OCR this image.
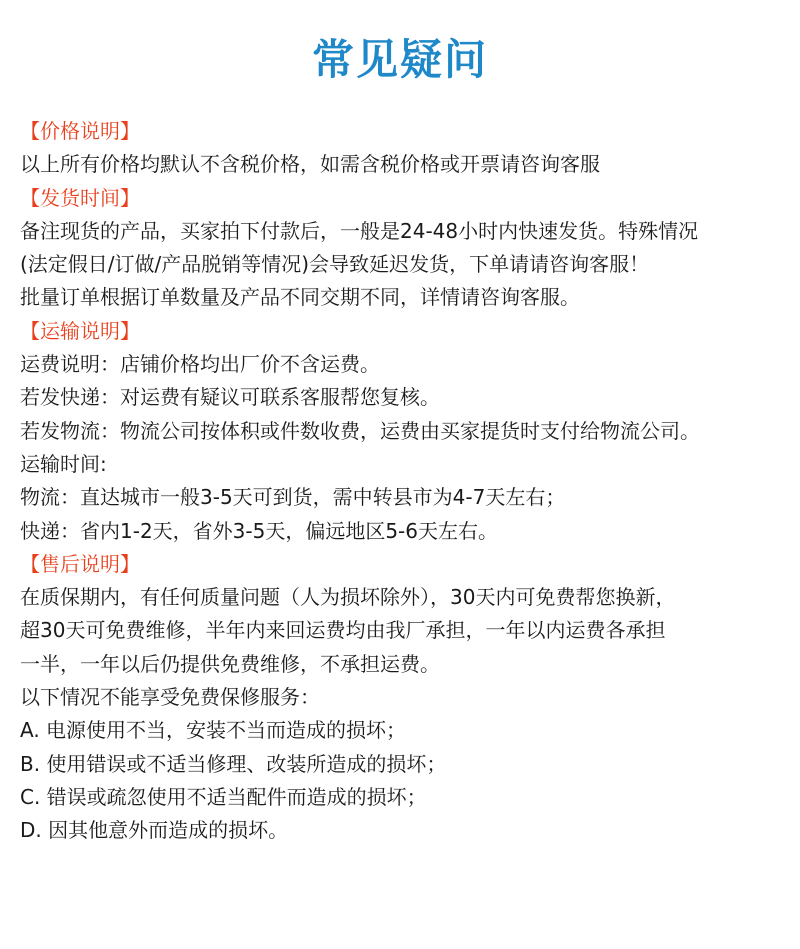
常见疑问
【价格说明】
以上所有价格均默认不含税价格，如需含税价格或开票请咨询客服
【发货时间】
备注现货的产品，买家拍下付款后，一般是24-48小时内快速发货。特殊情况
(法定假日/订做/产品脱销等情况)会导致延迟发货，下单请请咨询客服！
批量订单根据订单数量及产品不同交期不同，详情请咨询客服。
【运输说明】
运费说明：店铺价格均出厂价不含运费。
若发快递：对运费有疑议可联系客服帮您复核。
若发物流：物流公司按体积或件数收费，运费由买家提货时支付给物流公司。
运输时间:
物流：直达城市一般3-5天可到货，需中转县市为4-7天左右；
快递：省内1-2天，省外3-5天，偏远地区5-6天左右。
【售后说明】
在质保期内，有任何质量问题（人为损坏除外），30天内可免费帮您换新，
超30天可免费维修，半年内来回运费均由我厂承担，一年以内运费各承担
一半，一年以后仍提供免费维修，不承担运费。
以下情况不能享受免费保修服务：
A. 电源使用不当，安装不当而造成的损坏；
B. 使用错误或不适当修理、改装所造成的损坏；
C. 错误或疏忽使用不适当配件而造成的损坏；
D. 因其他意外而造成的损坏。
